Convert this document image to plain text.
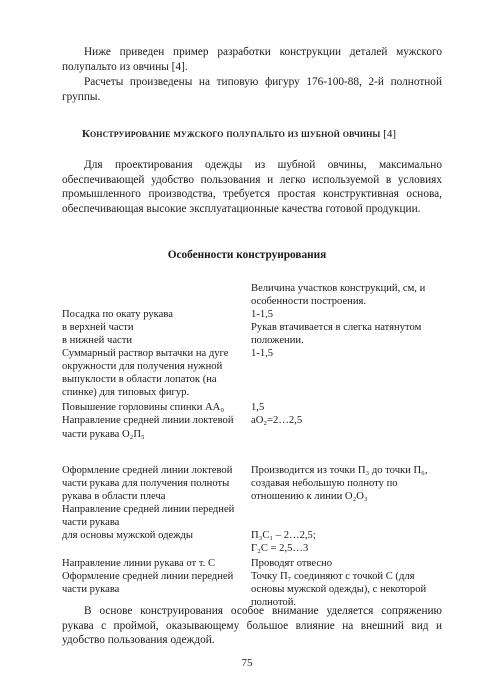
Ниже приведен пример разработки конструкции деталей мужского полупальто из овчины [4].

Расчеты произведены на типовую фигуру 176-100-88, 2-й полнотной группы.

Конструирование мужского полупальто из шубной овчины [4]

Для проектирования одежды из шубной овчины, максимально обеспечивающей удобство пользования и легко используемой в условиях промышленного производства, требуется простая конструктивная основа, обеспечивающая высокие эксплуатационные качества готовой продукции.

Особенности конструирования

Величина участков конструкций, см, и
особенности построения.
Посадка по окату рукава	1-1,5
в верхней части	Рукав втачивается в слегка натянутом
в нижней части	положении.
Суммарный раствор вытачки на дуге	1-1,5
окружности для получения нужной
выпуклости в области лопаток (на
спинке) для типовых фигур.
Повышение горловины спинки АА₀	1,5
Направление средней линии локтевой	аО₂=2…2,5
части рукава О₂П₅
Оформление средней линии локтевой	Производится из точки П₃ до точки П₆,
части рукава для получения полноты	создавая небольшую полноту по
рукава в области плеча	отношению к линии О₂О₃
Направление средней линии передней
части рукава
для основы мужской одежды	П₃С₁ – 2…2,5;
Г₂С = 2,5…3
Направление линии рукава от т. С	Проводят отвесно
Оформление средней линии передней	Точку П₇ соединяют с точкой С (для
части рукава	основы мужской одежды), с некоторой
полнотой.

В основе конструирования особое внимание уделяется сопряжению рукава с проймой, оказывающему большое влияние на внешний вид и удобство пользования одеждой.

75
